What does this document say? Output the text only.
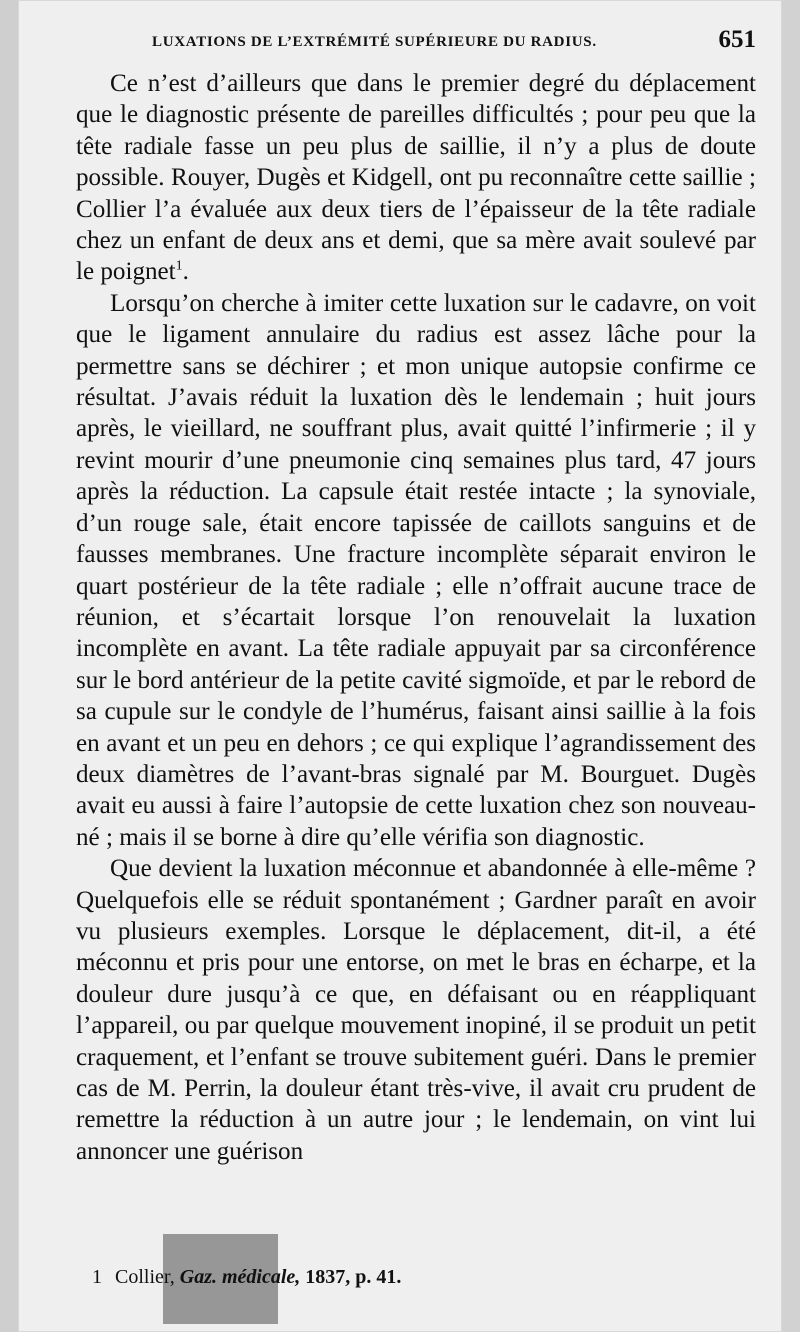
LUXATIONS DE L’EXTRÉMITÉ SUPÉRIEURE DU RADIUS.	651

Ce n’est d’ailleurs que dans le premier degré du déplacement que le diagnostic présente de pareilles difficultés ; pour peu que la tête radiale fasse un peu plus de saillie, il n’y a plus de doute possible. Rouyer, Dugès et Kidgell, ont pu reconnaître cette saillie ; Collier l’a évaluée aux deux tiers de l’épaisseur de la tête radiale chez un enfant de deux ans et demi, que sa mère avait soulevé par le poignet$^1$.

Lorsqu’on cherche à imiter cette luxation sur le cadavre, on voit que le ligament annulaire du radius est assez lâche pour la permettre sans se déchirer ; et mon unique autopsie confirme ce résultat. J’avais réduit la luxation dès le lendemain ; huit jours après, le vieillard, ne souffrant plus, avait quitté l’infirmerie ; il y revint mourir d’une pneumonie cinq semaines plus tard, 47 jours après la réduction. La capsule était restée intacte ; la synoviale, d’un rouge sale, était encore tapissée de caillots sanguins et de fausses membranes. Une fracture incomplète séparait environ le quart postérieur de la tête radiale ; elle n’offrait aucune trace de réunion, et s’écartait lorsque l’on renouvelait la luxation incomplète en avant. La tête radiale appuyait par sa circonférence sur le bord antérieur de la petite cavité sigmoïde, et par le rebord de sa cupule sur le condyle de l’humérus, faisant ainsi saillie à la fois en avant et un peu en dehors ; ce qui explique l’agrandissement des deux diamètres de l’avant-bras signalé par M. Bourguet. Dugès avait eu aussi à faire l’autopsie de cette luxation chez son nouveau-né ; mais il se borne à dire qu’elle vérifia son diagnostic.

Que devient la luxation méconnue et abandonnée à elle-même ? Quelquefois elle se réduit spontanément ; Gardner paraît en avoir vu plusieurs exemples. Lorsque le déplacement, dit-il, a été méconnu et pris pour une entorse, on met le bras en écharpe, et la douleur dure jusqu’à ce que, en défaisant ou en réappliquant l’appareil, ou par quelque mouvement inopiné, il se produit un petit craquement, et l’enfant se trouve subitement guéri. Dans le premier cas de M. Perrin, la douleur étant très-vive, il avait cru prudent de remettre la réduction à un autre jour ; le lendemain, on vint lui annoncer une guérison

1 Collier, Gaz. médicale, 1837, p. 41.
